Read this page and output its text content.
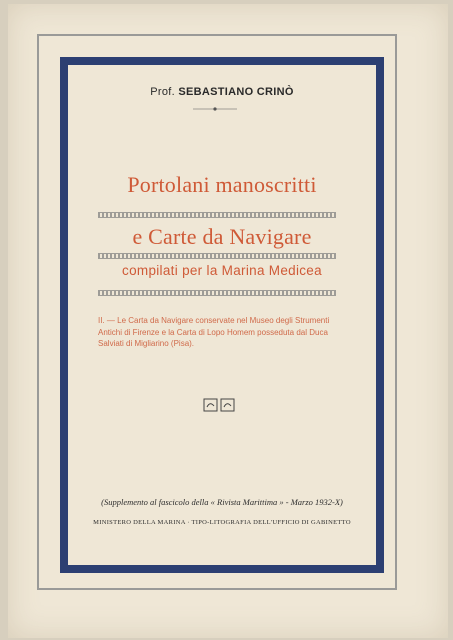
Prof. SEBASTIANO CRINÒ
Portolani manoscritti
e Carte da Navigare
compilati per la Marina Medicea
II. — Le Carta da Navigare conservate nel Museo degli Strumenti Antichi di Firenze e la Carta di Lopo Homem posseduta dal Duca Salviati di Migliarino (Pisa).
(Supplemento al fascicolo della « Rivista Marittima » - Marzo 1932-X)
MINISTERO DELLA MARINA · TIPO-LITOGRAFIA DELL'UFFICIO DI GABINETTO
